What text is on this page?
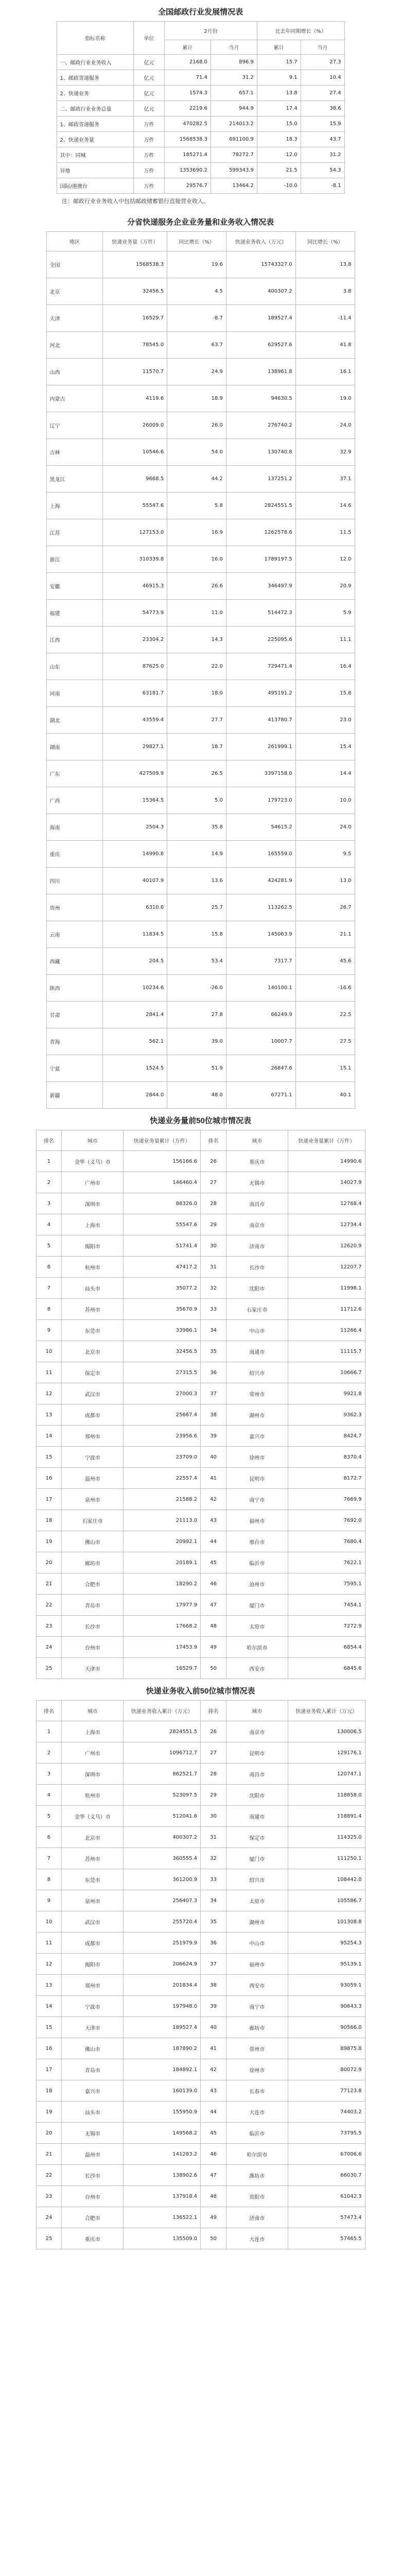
全国邮政行业发展情况表
指标名称	单位	2月份		比去年同期增长（%）	
		累计	当月	累计	当月
一、邮政行业业务收入	亿元	2168.0	896.9	15.7	27.3
1、邮政寄递服务	亿元	71.4	31.2	9.1	10.4
2、快递业务	亿元	1574.3	657.1	13.8	27.4
二、邮政行业业务总量	亿元	2219.6	944.9	17.4	38.6
1、邮政寄递服务	万件	470282.5	214013.2	15.0	15.9
2、快递业务量	万件	1568538.3	691100.9	18.3	43.7
其中：同城	万件	185271.4	78272.7	12.0	31.2
异地	万件	1353690.2	599343.9	21.5	54.3
国际/港澳台	万件	29576.7	13464.2	-10.0	-8.1
注：邮政行业业务收入中包括邮政储蓄银行直接营业收入。
分省快递服务企业业务量和业务收入情况表
地区	快递业务量（万件）	同比增长（%）	快递业务收入（万元）	同比增长（%）
全国	1568538.3	19.6	15743327.0	13.8
北京	32456.5	4.5	400307.2	3.8
天津	16529.7	-8.7	189527.4	-11.4
河北	78545.0	63.7	629527.6	41.8
山西	11570.7	24.9	138961.8	16.1
内蒙古	4119.6	18.9	94630.5	19.0
辽宁	26009.0	26.0	276740.2	24.0
吉林	10546.6	54.0	130740.8	32.9
黑龙江	9668.5	44.2	137251.2	37.1
上海	55547.6	5.8	2824551.5	14.6
江苏	127153.0	16.9	1262578.6	11.5
浙江	310339.8	16.0	1789197.5	12.0
安徽	46915.3	26.6	346497.9	20.9
福建	54773.9	11.0	514472.3	5.9
江西	23304.2	14.3	225095.6	11.1
山东	87625.0	22.0	729471.4	16.4
河南	63181.7	18.0	495191.2	15.8
湖北	43559.4	27.7	413780.7	23.0
湖南	29827.1	18.7	261999.1	15.4
广东	427509.9	26.5	3397158.0	14.4
广西	15364.5	5.0	179723.0	10.0
海南	2504.3	35.8	54615.2	24.0
重庆	14990.6	14.9	165559.0	9.5
四川	40107.9	13.6	424281.9	13.0
贵州	6310.6	25.7	113262.5	26.7
云南	11834.5	15.8	145063.9	21.1
西藏	204.5	53.4	7317.7	45.6
陕西	10234.6	-26.0	140100.1	-16.6
甘肃	2841.4	27.8	66249.9	22.5
青海	562.1	39.0	10007.7	27.5
宁夏	1524.5	51.9	26847.6	15.1
新疆	2844.0	48.0	67271.1	40.1
快递业务量前50位城市情况表
排名	城市	快递业务量累计（万件）	排名	城市	快递业务量累计（万件）
1	金华（义乌）市	156166.6	26	重庆市	14990.6
2	广州市	146460.4	27	无锡市	14027.9
3	深圳市	88326.0	28	南昌市	12768.4
4	上海市	55547.6	29	南京市	12734.4
5	揭阳市	51741.4	30	济南市	12620.9
6	杭州市	47417.2	31	长沙市	12207.7
7	汕头市	35077.2	32	沈阳市	11998.1
8	苏州市	35670.9	33	石家庄市	11712.6
9	东莞市	33986.1	34	中山市	11266.4
10	北京市	32456.5	35	南通市	11115.7
11	保定市	27315.5	36	绍兴市	10666.7
12	武汉市	27000.3	37	常州市	9921.8
13	成都市	25667.4	38	湖州市	9362.3
14	郑州市	23956.6	39	嘉兴市	8424.7
15	宁波市	23709.0	40	徐州市	8370.4
16	温州市	22557.4	41	昆明市	8172.7
17	泉州市	21588.2	42	南宁市	7669.9
18	石家庄市	21113.0	43	福州市	7692.0
19	佛山市	20992.1	44	邢台市	7680.4
20	廊坊市	20189.1	45	临沂市	7622.1
21	合肥市	18290.2	46	沧州市	7595.1
22	青岛市	17977.9	47	厦门市	7454.1
23	长沙市	17668.2	48	太原市	7272.9
24	台州市	17453.9	49	哈尔滨市	6854.4
25	天津市	16529.7	50	西安市	6845.6
快递业务收入前50位城市情况表
排名	城市	快递业务收入累计（万元）	排名	城市	快递业务收入累计（万元）
1	上海市	2824551.5	26	南京市	130006.5
2	广州市	1096712.7	27	昆明市	129176.1
3	深圳市	862521.7	28	南昌市	120747.1
4	杭州市	523097.5	29	沈阳市	118858.0
5	金华（义乌）市	512041.6	30	南通市	118891.4
6	北京市	400307.2	31	保定市	114325.0
7	苏州市	360555.4	32	厦门市	111250.1
8	东莞市	361200.9	33	绍兴市	108442.0
9	泉州市	256407.3	34	太原市	105586.7
10	武汉市	255720.4	35	湖州市	101308.8
11	成都市	251979.9	36	中山市	95254.3
12	揭阳市	206624.9	37	福州市	95139.1
13	郑州市	201834.4	38	西安市	93059.1
14	宁波市	197948.0	39	南宁市	90643.3
15	天津市	189527.4	40	廊坊市	90566.0
16	佛山市	187890.2	41	常州市	89875.8
17	青岛市	184892.1	42	徐州市	80072.9
18	嘉兴市	160139.0	43	长春市	77123.8
19	汕头市	155950.9	44	大连市	74403.2
20	无锡市	149568.2	45	临沂市	73795.5
21	温州市	141283.2	46	哈尔滨市	67006.6
22	长沙市	138902.6	47	潍坊市	66030.7
23	台州市	137918.4	48	贵阳市	61042.3
24	合肥市	136522.1	49	济南市	57473.4
25	重庆市	135509.0	50	大连市	57465.5
